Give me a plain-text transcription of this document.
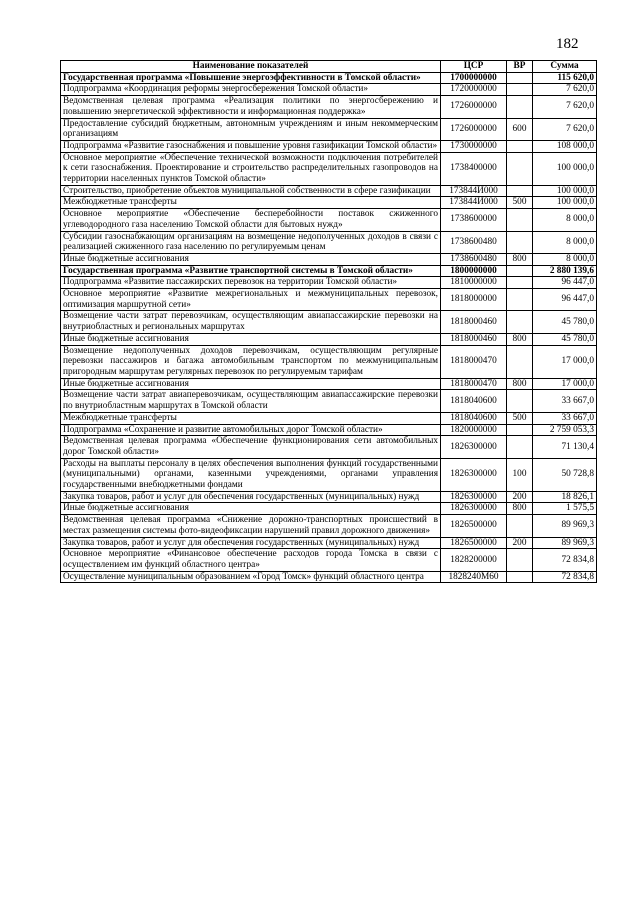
182
Наименование показателей	ЦСР	ВР	Сумма
Государственная программа «Повышение энергоэффективности в Томской области»	1700000000		115 620,0
Подпрограмма «Координация реформы энергосбережения Томской области»	1720000000		7 620,0
Ведомственная целевая программа «Реализация политики по энергосбережению и повышению энергетической эффективности и информационная поддержка»	1726000000		7 620,0
Предоставление субсидий бюджетным, автономным учреждениям и иным некоммерческим организациям	1726000000	600	7 620,0
Подпрограмма «Развитие газоснабжения и повышение уровня газификации Томской области»	1730000000		108 000,0
Основное мероприятие «Обеспечение технической возможности подключения потребителей к сети газоснабжения. Проектирование и строительство распределительных газопроводов на территории населенных пунктов Томской области»	1738400000		100 000,0
Строительство, приобретение объектов муниципальной собственности в сфере газификации	173844И000		100 000,0
Межбюджетные трансферты	173844И000	500	100 000,0
Основное мероприятие «Обеспечение бесперебойности поставок сжиженного углеводородного газа населению Томской области для бытовых нужд»	1738600000		8 000,0
Субсидии газоснабжающим организациям на возмещение недополученных доходов в связи с реализацией сжиженного газа населению по регулируемым ценам	1738600480		8 000,0
Иные бюджетные ассигнования	1738600480	800	8 000,0
Государственная программа «Развитие транспортной системы в Томской области»	1800000000		2 880 139,6
Подпрограмма «Развитие пассажирских перевозок на территории Томской области»	1810000000		96 447,0
Основное мероприятие «Развитие межрегиональных и межмуниципальных перевозок, оптимизация маршрутной сети»	1818000000		96 447,0
Возмещение части затрат перевозчикам, осуществляющим авиапассажирские перевозки на внутриобластных и региональных маршрутах	1818000460		45 780,0
Иные бюджетные ассигнования	1818000460	800	45 780,0
Возмещение недополученных доходов перевозчикам, осуществляющим регулярные перевозки пассажиров и багажа автомобильным транспортом по межмуниципальным пригородным маршрутам регулярных перевозок по регулируемым тарифам	1818000470		17 000,0
Иные бюджетные ассигнования	1818000470	800	17 000,0
Возмещение части затрат авиаперевозчикам, осуществляющим авиапассажирские перевозки по внутриобластным маршрутах в Томской области	1818040600		33 667,0
Межбюджетные трансферты	1818040600	500	33 667,0
Подпрограмма «Сохранение и развитие автомобильных дорог Томской области»	1820000000		2 759 053,3
Ведомственная целевая программа «Обеспечение функционирования сети автомобильных дорог Томской области»	1826300000		71 130,4
Расходы на выплаты персоналу в целях обеспечения выполнения функций государственными (муниципальными) органами, казенными учреждениями, органами управления государственными внебюджетными фондами	1826300000	100	50 728,8
Закупка товаров, работ и услуг для обеспечения государственных (муниципальных) нужд	1826300000	200	18 826,1
Иные бюджетные ассигнования	1826300000	800	1 575,5
Ведомственная целевая программа «Снижение дорожно-транспортных происшествий в местах размещения системы фото-видеофиксации нарушений правил дорожного движения»	1826500000		89 969,3
Закупка товаров, работ и услуг для обеспечения государственных (муниципальных) нужд	1826500000	200	89 969,3
Основное мероприятие «Финансовое обеспечение расходов города Томска в связи с осуществлением им функций областного центра»	1828200000		72 834,8
Осуществление муниципальным образованием «Город Томск» функций областного центра	1828240M60		72 834,8
